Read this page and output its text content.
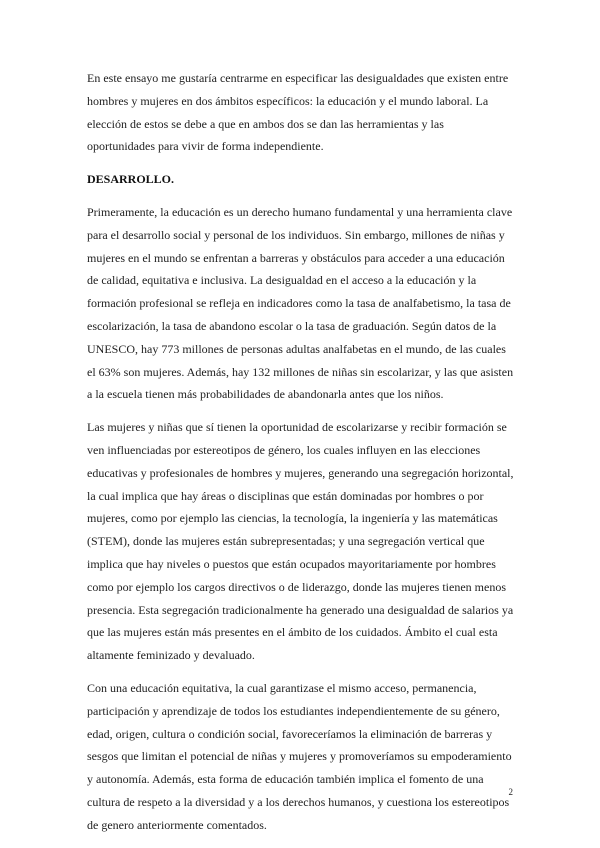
En este ensayo me gustaría centrarme en especificar las desigualdades que existen entre hombres y mujeres en dos ámbitos específicos: la educación y el mundo laboral. La elección de estos se debe a que en ambos dos se dan las herramientas y las oportunidades para vivir de forma independiente.

DESARROLLO.

Primeramente, la educación es un derecho humano fundamental y una herramienta clave para el desarrollo social y personal de los individuos. Sin embargo, millones de niñas y mujeres en el mundo se enfrentan a barreras y obstáculos para acceder a una educación de calidad, equitativa e inclusiva. La desigualdad en el acceso a la educación y la formación profesional se refleja en indicadores como la tasa de analfabetismo, la tasa de escolarización, la tasa de abandono escolar o la tasa de graduación. Según datos de la UNESCO, hay 773 millones de personas adultas analfabetas en el mundo, de las cuales el 63% son mujeres. Además, hay 132 millones de niñas sin escolarizar, y las que asisten a la escuela tienen más probabilidades de abandonarla antes que los niños.

Las mujeres y niñas que sí tienen la oportunidad de escolarizarse y recibir formación se ven influenciadas por estereotipos de género, los cuales influyen en las elecciones educativas y profesionales de hombres y mujeres, generando una segregación horizontal, la cual implica que hay áreas o disciplinas que están dominadas por hombres o por mujeres, como por ejemplo las ciencias, la tecnología, la ingeniería y las matemáticas (STEM), donde las mujeres están subrepresentadas; y una segregación vertical que implica que hay niveles o puestos que están ocupados mayoritariamente por hombres como por ejemplo los cargos directivos o de liderazgo, donde las mujeres tienen menos presencia. Esta segregación tradicionalmente ha generado una desigualdad de salarios ya que las mujeres están más presentes en el ámbito de los cuidados. Ámbito el cual esta altamente feminizado y devaluado.

Con una educación equitativa, la cual garantizase el mismo acceso, permanencia, participación y aprendizaje de todos los estudiantes independientemente de su género, edad, origen, cultura o condición social, favoreceríamos la eliminación de barreras y sesgos que limitan el potencial de niñas y mujeres y promoveríamos su empoderamiento y autonomía. Además, esta forma de educación también implica el fomento de una cultura de respeto a la diversidad y a los derechos humanos, y cuestiona los estereotipos de genero anteriormente comentados.

2
